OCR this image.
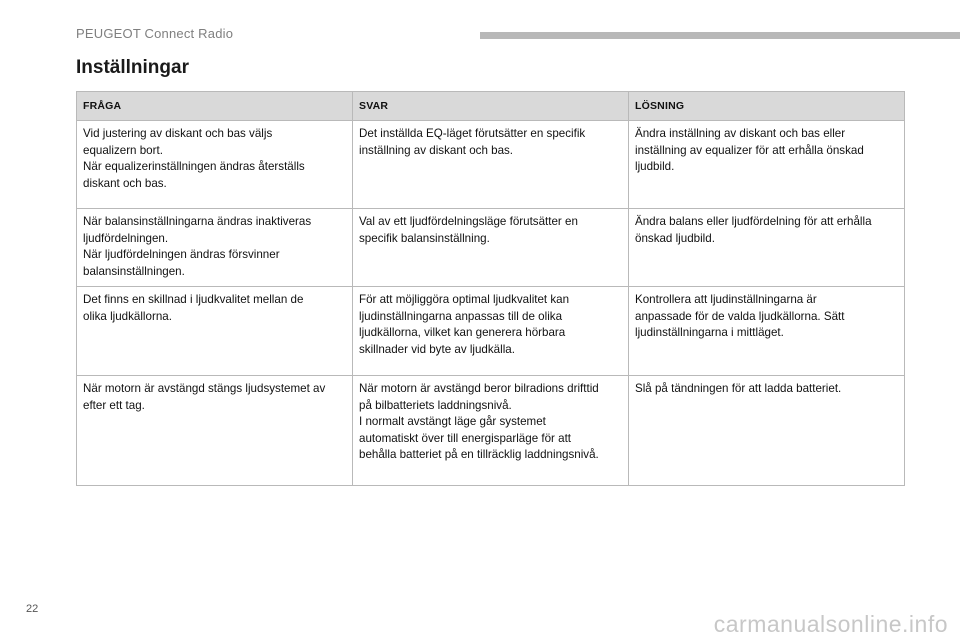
PEUGEOT Connect Radio
Inställningar
FRÅGA	SVAR	LÖSNING

Vid justering av diskant och bas väljs
equalizern bort.
När equalizerinställningen ändras återställs
diskant och bas.	Det inställda EQ-läget förutsätter en specifik
inställning av diskant och bas.	Ändra inställning av diskant och bas eller
inställning av equalizer för att erhålla önskad
ljudbild.

När balansinställningarna ändras inaktiveras
ljudfördelningen.
När ljudfördelningen ändras försvinner
balansinställningen.	Val av ett ljudfördelningsläge förutsätter en
specifik balansinställning.	Ändra balans eller ljudfördelning för att erhålla
önskad ljudbild.

Det finns en skillnad i ljudkvalitet mellan de
olika ljudkällorna.	För att möjliggöra optimal ljudkvalitet kan
ljudinställningarna anpassas till de olika
ljudkällorna, vilket kan generera hörbara
skillnader vid byte av ljudkälla.	Kontrollera att ljudinställningarna är
anpassade för de valda ljudkällorna. Sätt
ljudinställningarna i mittläget.

När motorn är avstängd stängs ljudsystemet av
efter ett tag.	När motorn är avstängd beror bilradions drifttid
på bilbatteriets laddningsnivå.
I normalt avstängt läge går systemet
automatiskt över till energisparläge för att
behålla batteriet på en tillräcklig laddningsnivå.	Slå på tändningen för att ladda batteriet.
22
carmanualsonline.info
